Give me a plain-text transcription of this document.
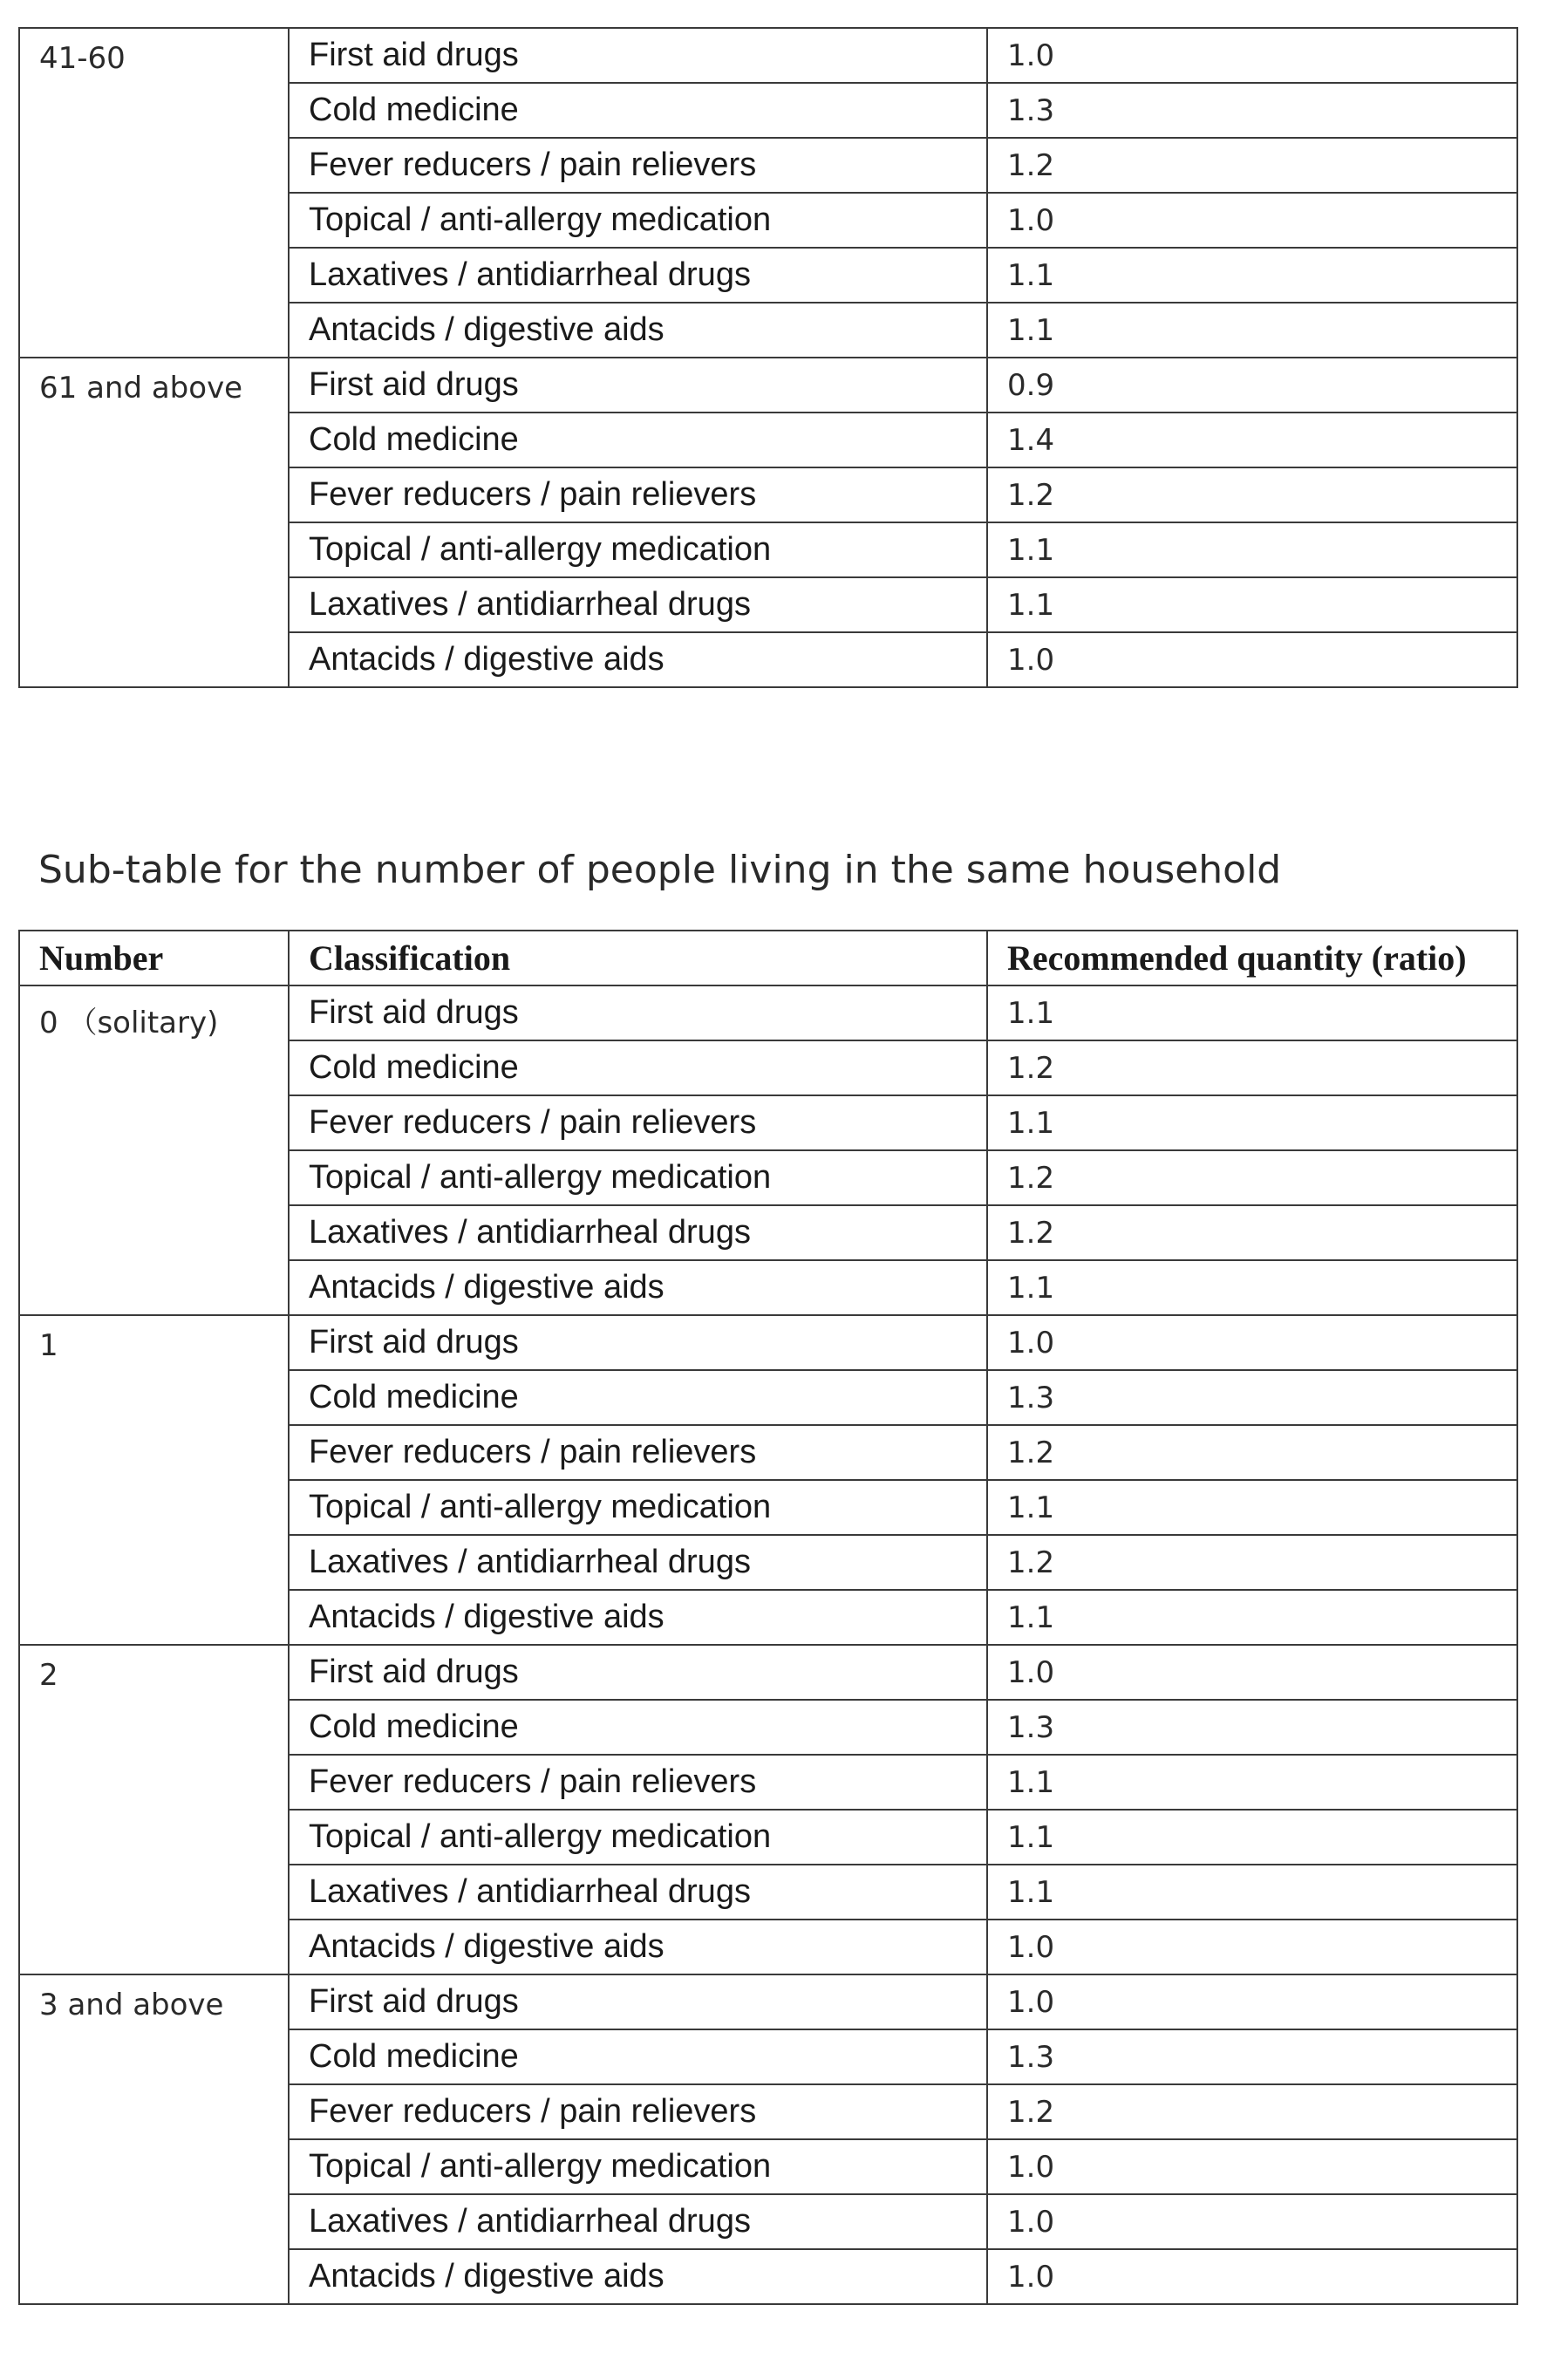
41-60	First aid drugs	1.0
	Cold medicine	1.3
	Fever reducers / pain relievers	1.2
	Topical / anti-allergy medication	1.0
	Laxatives / antidiarrheal drugs	1.1
	Antacids / digestive aids	1.1
61 and above	First aid drugs	0.9
	Cold medicine	1.4
	Fever reducers / pain relievers	1.2
	Topical / anti-allergy medication	1.1
	Laxatives / antidiarrheal drugs	1.1
	Antacids / digestive aids	1.0
Sub-table for the number of people living in the same household
Number	Classification	Recommended quantity (ratio)
0 （solitary)	First aid drugs	1.1
	Cold medicine	1.2
	Fever reducers / pain relievers	1.1
	Topical / anti-allergy medication	1.2
	Laxatives / antidiarrheal drugs	1.2
	Antacids / digestive aids	1.1
1	First aid drugs	1.0
	Cold medicine	1.3
	Fever reducers / pain relievers	1.2
	Topical / anti-allergy medication	1.1
	Laxatives / antidiarrheal drugs	1.2
	Antacids / digestive aids	1.1
2	First aid drugs	1.0
	Cold medicine	1.3
	Fever reducers / pain relievers	1.1
	Topical / anti-allergy medication	1.1
	Laxatives / antidiarrheal drugs	1.1
	Antacids / digestive aids	1.0
3 and above	First aid drugs	1.0
	Cold medicine	1.3
	Fever reducers / pain relievers	1.2
	Topical / anti-allergy medication	1.0
	Laxatives / antidiarrheal drugs	1.0
	Antacids / digestive aids	1.0
